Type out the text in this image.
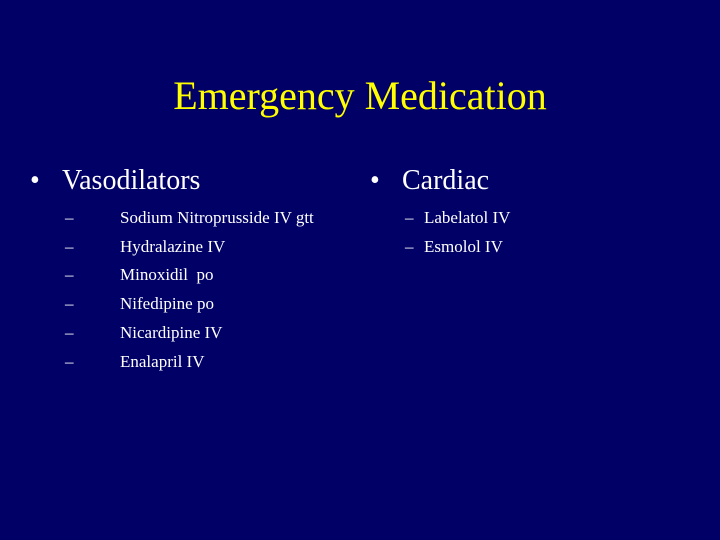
Emergency Medication
• Vasodilators
–	Sodium Nitroprusside IV gtt
–	Hydralazine IV
–	Minoxidil  po
–	Nifedipine po
–	Nicardipine IV
–	Enalapril IV
• Cardiac
– Labelatol IV
– Esmolol IV
